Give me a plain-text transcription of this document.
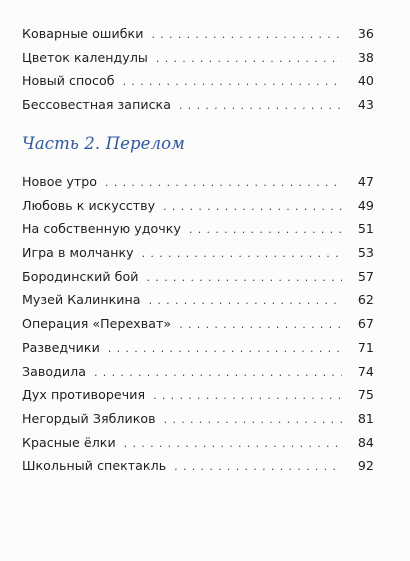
Коварные ошибки . . .	36
Цветок календулы . . .	38
Новый способ . . .	40
Бессовестная записка . . .	43
Часть 2. Перелом
Новое утро . . .	47
Любовь к искусству . . .	49
На собственную удочку . . .	51
Игра в молчанку . . .	53
Бородинский бой . . .	57
Музей Калинкина . . .	62
Операция «Перехват» . . .	67
Разведчики . . .	71
Заводила . . .	74
Дух противоречия . . .	75
Негордый Зябликов . . .	81
Красные ёлки . . .	84
Школьный спектакль . . .	92
